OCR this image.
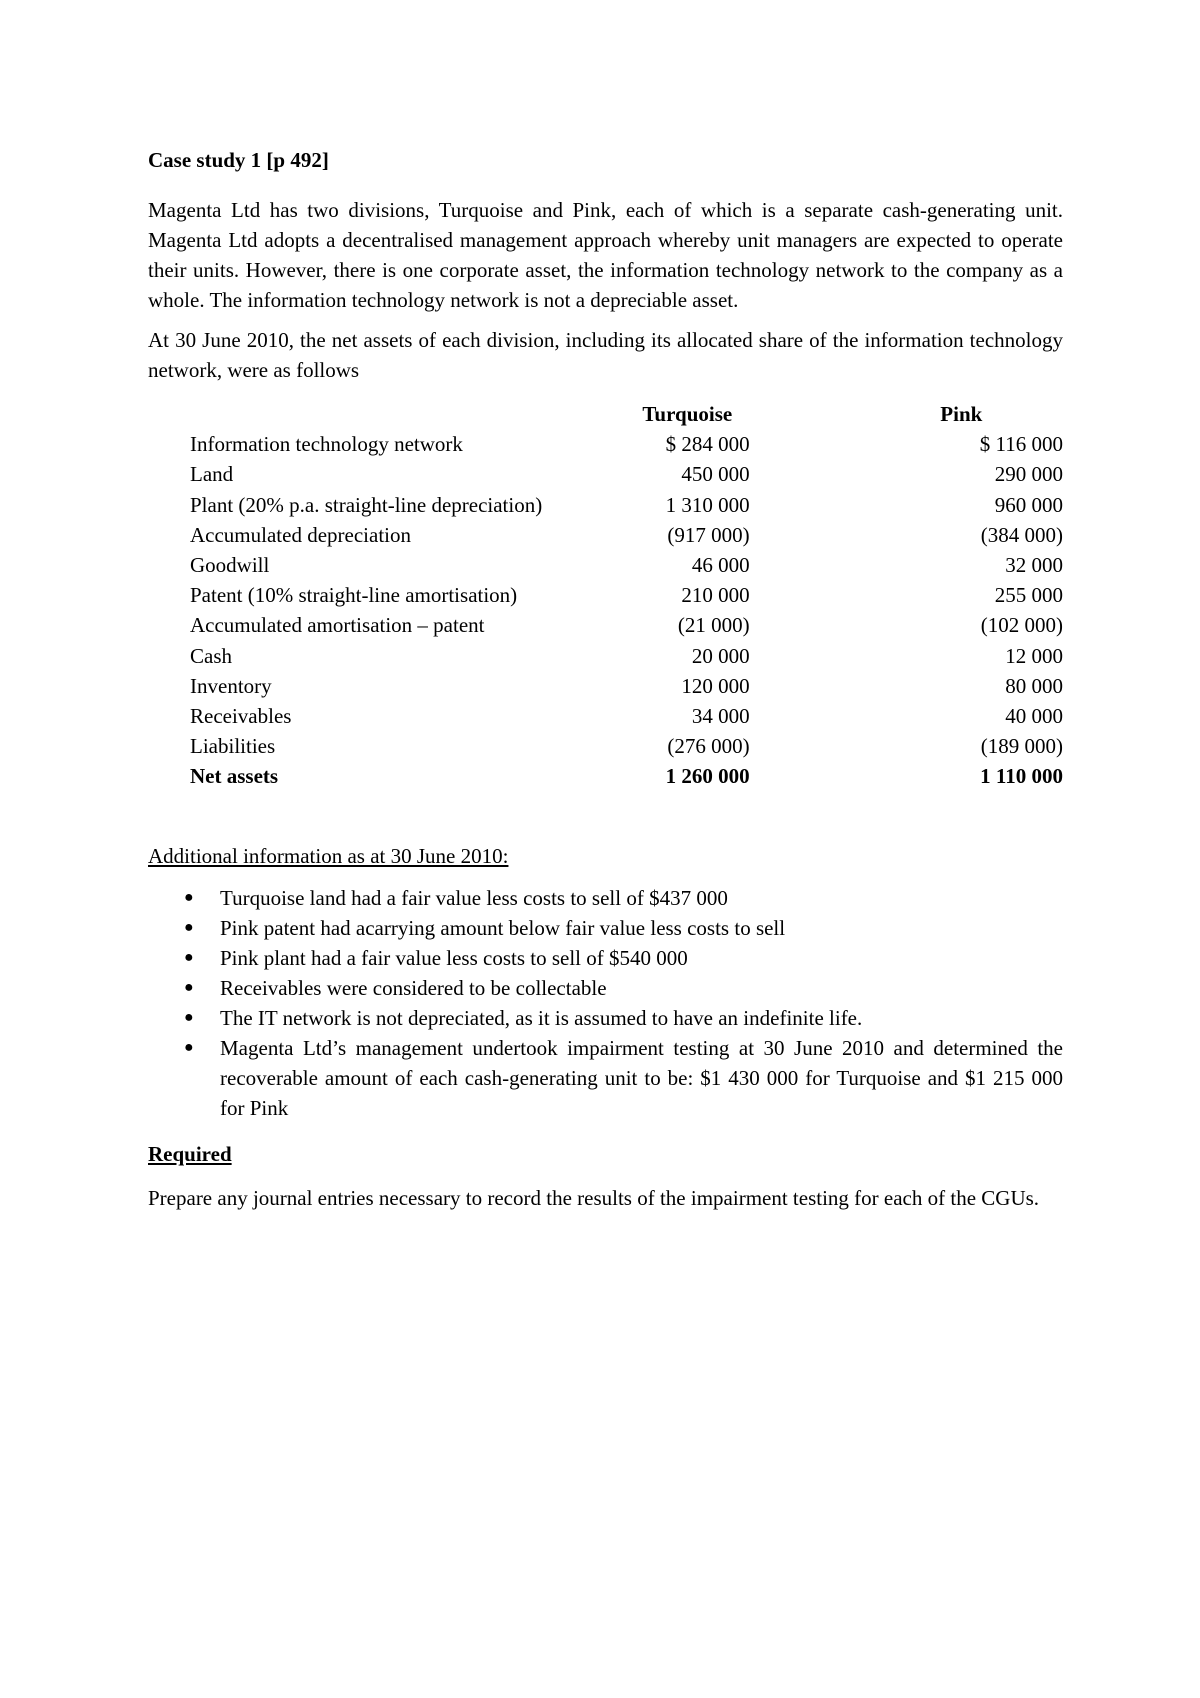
Case study 1 [p 492]

Magenta Ltd has two divisions, Turquoise and Pink, each of which is a separate cash-generating unit. Magenta Ltd adopts a decentralised management approach whereby unit managers are expected to operate their units. However, there is one corporate asset, the information technology network to the company as a whole. The information technology network is not a depreciable asset.

At 30 June 2010, the net assets of each division, including its allocated share of the information technology network, were as follows

	Turquoise	Pink
Information technology network	$ 284 000	$ 116 000
Land	450 000	290 000
Plant (20% p.a. straight-line depreciation)	1 310 000	960 000
Accumulated depreciation	(917 000)	(384 000)
Goodwill	46 000	32 000
Patent (10% straight-line amortisation)	210 000	255 000
Accumulated amortisation – patent	(21 000)	(102 000)
Cash	20 000	12 000
Inventory	120 000	80 000
Receivables	34 000	40 000
Liabilities	(276 000)	(189 000)
Net assets	1 260 000	1 110 000
Additional information as at 30 June 2010:
● Turquoise land had a fair value less costs to sell of $437 000
● Pink patent had acarrying amount below fair value less costs to sell
● Pink plant had a fair value less costs to sell of $540 000
● Receivables were considered to be collectable
● The IT network is not depreciated, as it is assumed to have an indefinite life.
● Magenta Ltd’s management undertook impairment testing at 30 June 2010 and determined the recoverable amount of each cash-generating unit to be: $1 430 000 for Turquoise and $1 215 000 for Pink
Required
Prepare any journal entries necessary to record the results of the impairment testing for each of the CGUs.
